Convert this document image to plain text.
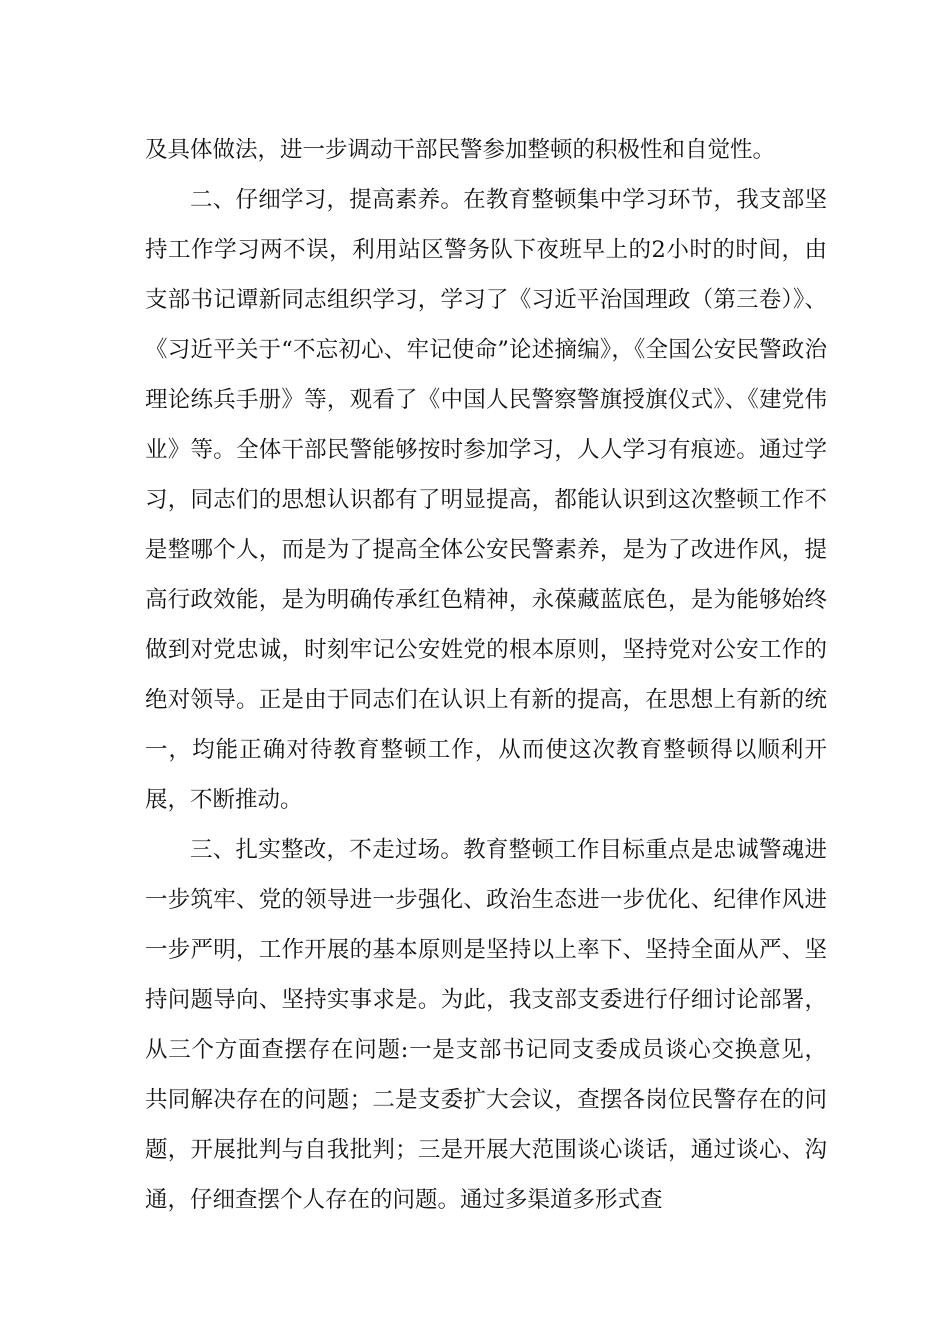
及具体做法，进一步调动干部民警参加整顿的积极性和自觉性。

二、仔细学习，提高素养。在教育整顿集中学习环节，我支部坚持工作学习两不误，利用站区警务队下夜班早上的2小时的时间，由支部书记谭新同志组织学习，学习了《习近平治国理政（第三卷）》、《习近平关于“不忘初心、牢记使命”论述摘编》，《全国公安民警政治理论练兵手册》等，观看了《中国人民警察警旗授旗仪式》、《建党伟业》等。全体干部民警能够按时参加学习，人人学习有痕迹。通过学习，同志们的思想认识都有了明显提高，都能认识到这次整顿工作不是整哪个人，而是为了提高全体公安民警素养，是为了改进作风，提高行政效能，是为明确传承红色精神，永葆藏蓝底色，是为能够始终做到对党忠诚，时刻牢记公安姓党的根本原则，坚持党对公安工作的绝对领导。正是由于同志们在认识上有新的提高，在思想上有新的统一，均能正确对待教育整顿工作，从而使这次教育整顿得以顺利开展，不断推动。

三、扎实整改，不走过场。教育整顿工作目标重点是忠诚警魂进一步筑牢、党的领导进一步强化、政治生态进一步优化、纪律作风进一步严明，工作开展的基本原则是坚持以上率下、坚持全面从严、坚持问题导向、坚持实事求是。为此，我支部支委进行仔细讨论部署，从三个方面查摆存在问题:一是支部书记同支委成员谈心交换意见，共同解决存在的问题；二是支委扩大会议，查摆各岗位民警存在的问题，开展批判与自我批判；三是开展大范围谈心谈话，通过谈心、沟通，仔细查摆个人存在的问题。通过多渠道多形式查
